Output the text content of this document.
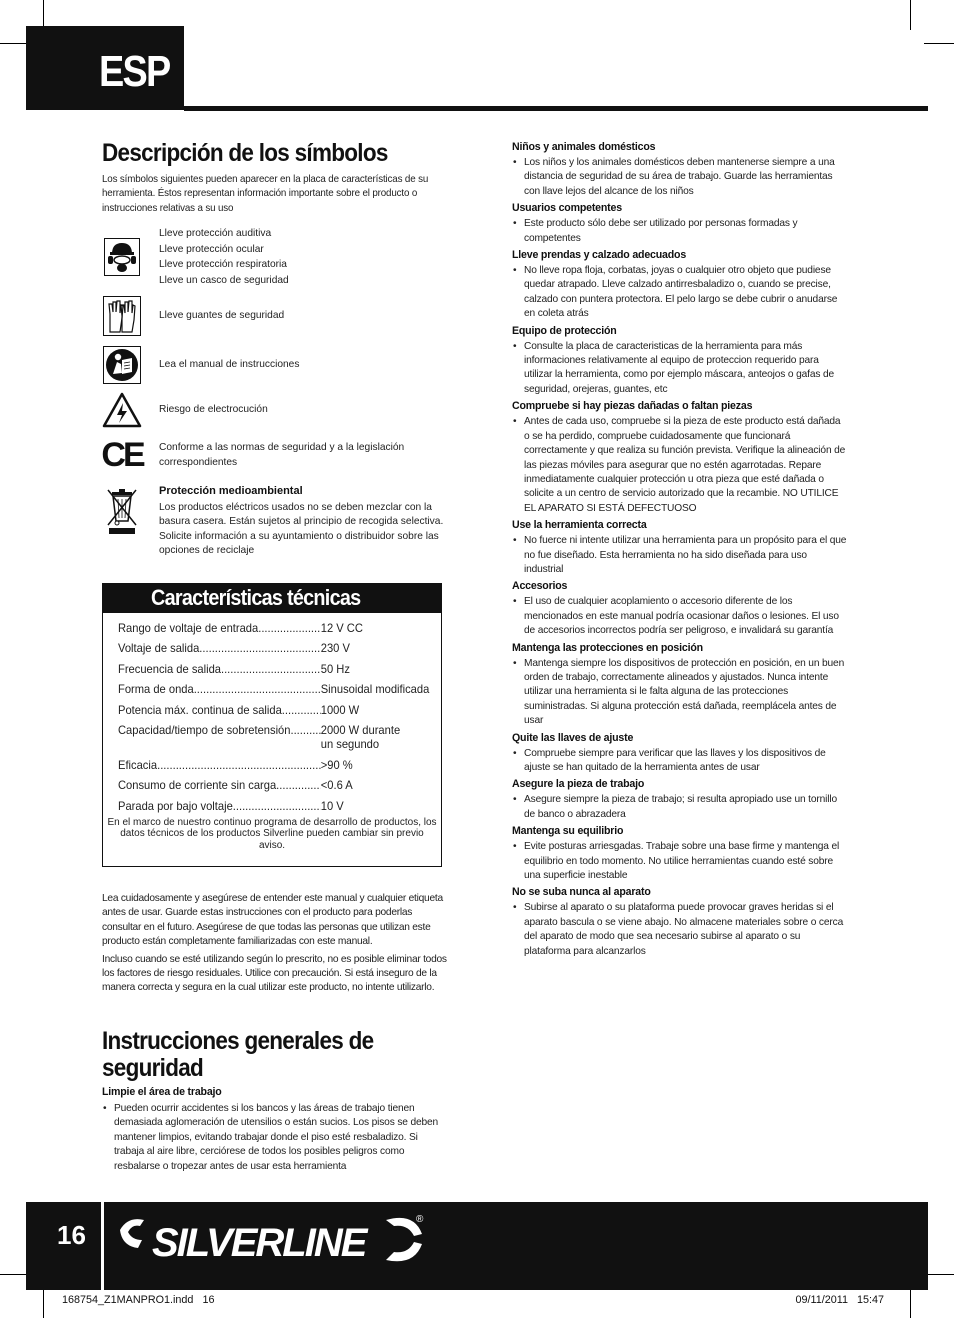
ESP
Descripción de los símbolos

Los símbolos siguientes pueden aparecer en la placa de características de su herramienta. Éstos representan información importante sobre el producto o instrucciones relativas a su uso

Lleve protección auditiva
Lleve protección ocular
Lleve protección respiratoria
Lleve un casco de seguridad
Lleve guantes de seguridad
Lea el manual de instrucciones
Riesgo de electrocución
CE Conforme a las normas de seguridad y a la legislación correspondientes
Protección medioambiental
Los productos eléctricos usados no se deben mezclar con la basura casera. Están sujetos al principio de recogida selectiva. Solicite información a su ayuntamiento o distribuidor sobre las opciones de reciclaje
Características técnicas
Rango de voltaje de entrada .....	12 V CC
Voltaje de salida .....	230 V
Frecuencia de salida .....	50 Hz
Forma de onda .....	Sinusoidal modificada
Potencia máx. continua de salida .....	1000 W
Capacidad/tiempo de sobretensión .....	2000 W durante
un segundo
Eficacia .....	>90 %
Consumo de corriente sin carga .....	<0.6 A
Parada por bajo voltaje .....	10 V
En el marco de nuestro continuo programa de desarrollo de productos, los datos técnicos de los productos Silverline pueden cambiar sin previo aviso.

Lea cuidadosamente y asegúrese de entender este manual y cualquier etiqueta antes de usar. Guarde estas instrucciones con el producto para poderlas consultar en el futuro. Asegúrese de que todas las personas que utilizan este producto están completamente familiarizadas con este manual.

Incluso cuando se esté utilizando según lo prescrito, no es posible eliminar todos los factores de riesgo residuales. Utilice con precaución. Si está inseguro de la manera correcta y segura en la cual utilizar este producto, no intente utilizarlo.

Instrucciones generales de
seguridad
Limpie el área de trabajo
• Pueden ocurrir accidentes si los bancos y las áreas de trabajo tienen demasiada aglomeración de utensilios o están sucios. Los pisos se deben mantener limpios, evitando trabajar donde el piso esté resbaladizo. Si trabaja al aire libre, cerciórese de todos los posibles peligros como resbalarse o tropezar antes de usar esta herramienta
Niños y animales domésticos
• Los niños y los animales domésticos deben mantenerse siempre a una distancia de seguridad de su área de trabajo. Guarde las herramientas con llave lejos del alcance de los niños
Usuarios competentes
• Este producto sólo debe ser utilizado por personas formadas y competentes
Lleve prendas y calzado adecuados
• No lleve ropa floja, corbatas, joyas o cualquier otro objeto que pudiese quedar atrapado. Lleve calzado antirresbaladizo o, cuando se precise, calzado con puntera protectora. El pelo largo se debe cubrir o anudarse en coleta atrás
Equipo de protección
• Consulte la placa de caracteristicas de la herramienta para más informaciones relativamente al equipo de proteccion requerido para utilizar la herramienta, como por ejemplo máscara, anteojos o gafas de seguridad, orejeras, guantes, etc
Compruebe si hay piezas dañadas o faltan piezas
• Antes de cada uso, compruebe si la pieza de este producto está dañada o se ha perdido, compruebe cuidadosamente que funcionará correctamente y que realiza su función prevista. Verifique la alineación de las piezas móviles para asegurar que no estén agarrotadas. Repare inmediatamente cualquier protección u otra pieza que esté dañada o solicite a un centro de servicio autorizado que la recambie. NO UTILICE EL APARATO SI ESTÁ DEFECTUOSO
Use la herramienta correcta
• No fuerce ni intente utilizar una herramienta para un propósito para el que no fue diseñado. Esta herramienta no ha sido diseñada para uso industrial
Accesorios
• El uso de cualquier acoplamiento o accesorio diferente de los mencionados en este manual podría ocasionar daños o lesiones. El uso de accesorios incorrectos podría ser peligroso, e invalidará su garantía
Mantenga las protecciones en posición
• Mantenga siempre los dispositivos de protección en posición, en un buen orden de trabajo, correctamente alineados y ajustados. Nunca intente utilizar una herramienta si le falta alguna de las protecciones suministradas. Si alguna protección está dañada, reemplácela antes de usar
Quite las llaves de ajuste
• Compruebe siempre para verificar que las llaves y los dispositivos de ajuste se han quitado de la herramienta antes de usar
Asegure la pieza de trabajo
• Asegure siempre la pieza de trabajo; si resulta apropiado use un tornillo de banco o abrazadera
Mantenga su equilibrio
• Evite posturas arriesgadas. Trabaje sobre una base firme y mantenga el equilibrio en todo momento. No utilice herramientas cuando esté sobre una superficie inestable
No se suba nunca al aparato
• Subirse al aparato o su plataforma puede provocar graves heridas si el aparato bascula o se viene abajo. No almacene materiales sobre o cerca del aparato de modo que sea necesario subirse al aparato o su plataforma para alcanzarlos
16 SILVERLINE
®
168754_Z1MANPRO1.indd   16	09/11/2011   15:47
